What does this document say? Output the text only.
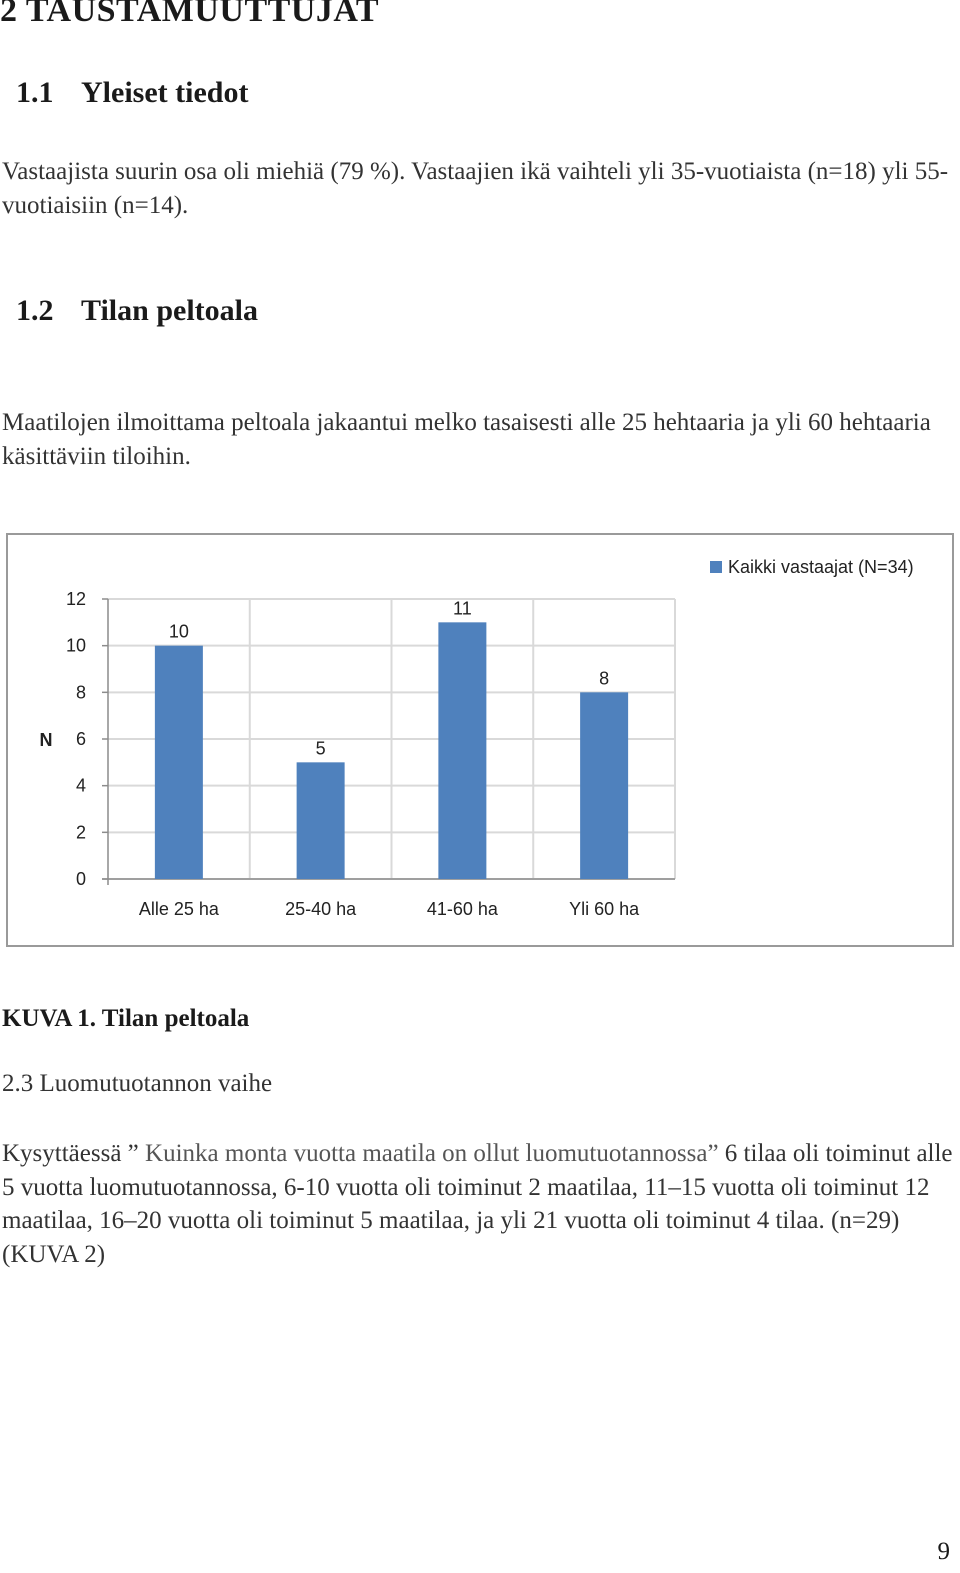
2 TAUSTAMUUTTUJAT
1.1 Yleiset tiedot

Vastaajista suurin osa oli miehiä (79 %). Vastaajien ikä vaihteli yli 35-vuotiaista (n=18) yli 55-vuotiaisiin (n=14).

1.2 Tilan peltoala

Maatilojen ilmoittama peltoala jakaantui melko tasaisesti alle 25 hehtaaria ja yli 60 hehtaaria käsittäviin tiloihin.

0
2
4
6
8
10
12
N
10
Alle 25 ha
5
25-40 ha
11
41-60 ha
8
Yli 60 ha
Kaikki vastaajat (N=34)
KUVA 1. Tilan peltoala
2.3 Luomutuotannon vaihe

Kysyttäessä ” Kuinka monta vuotta maatila on ollut luomutuotannossa” 6 tilaa oli toiminut alle 5 vuotta luomutuotannossa, 6-10 vuotta oli toiminut 2 maatilaa, 11–15 vuotta oli toiminut 12 maatilaa, 16–20 vuotta oli toiminut 5 maatilaa, ja yli 21 vuotta oli toiminut 4 tilaa. (n=29) (KUVA 2)

9
